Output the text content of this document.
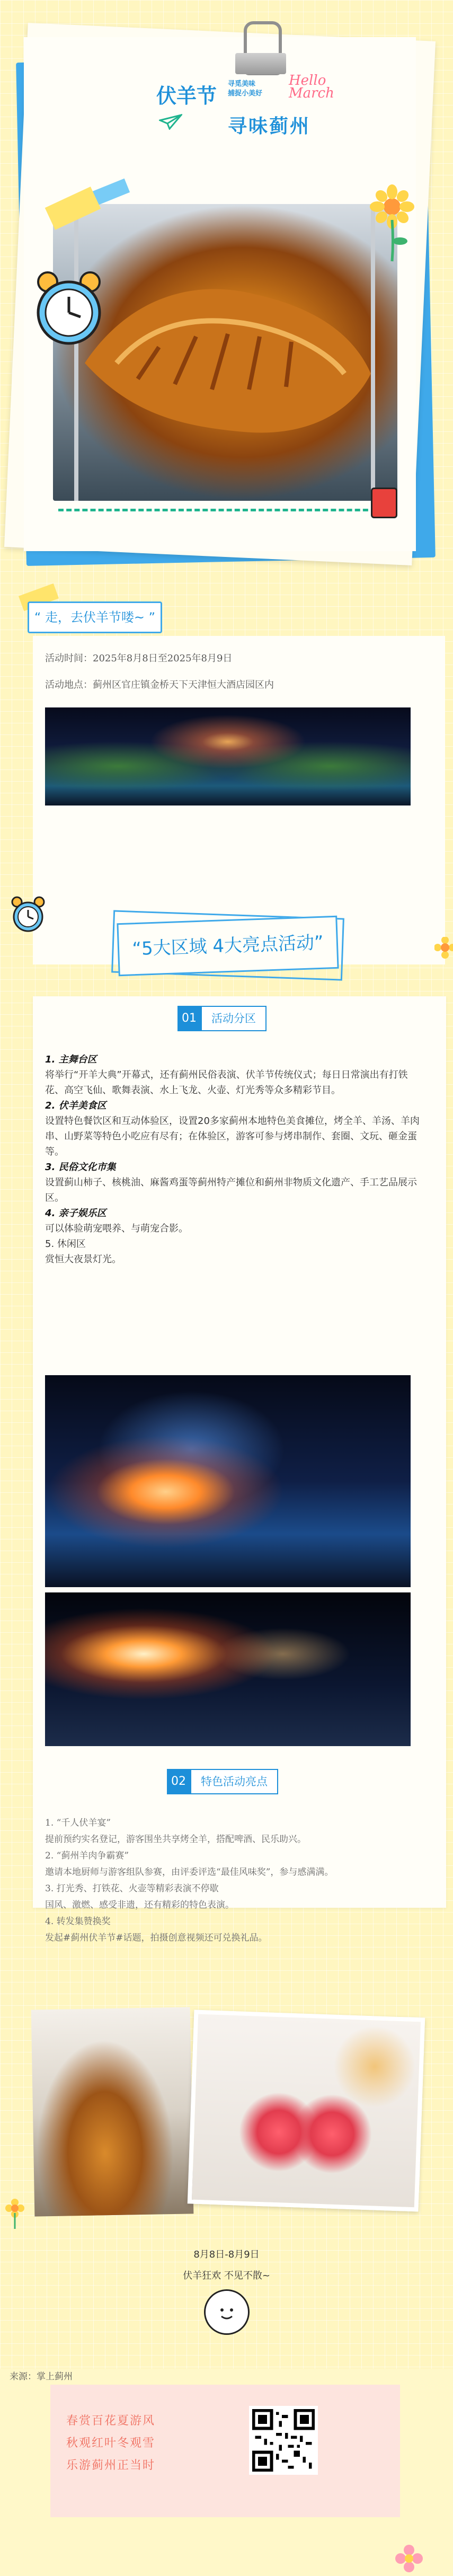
伏羊节
寻觅美味
捕捉小美好
Hello
March
寻味蓟州
“ 走，去伏羊节喽~ ”
活动时间：2025年8月8日至2025年8月9日
活动地点：蓟州区官庄镇金桥天下天津恒大酒店园区内
“5大区域 4大亮点活动”
01	活动分区

1. 主舞台区

将举行“开羊大典”开幕式，还有蓟州民俗表演、伏羊节传统仪式；每日日常演出有打铁花、高空飞仙、歌舞表演、水上飞龙、火壶、灯光秀等众多精彩节目。

2. 伏羊美食区

设置特色餐饮区和互动体验区，设置20多家蓟州本地特色美食摊位，烤全羊、羊汤、羊肉串、山野菜等特色小吃应有尽有；在体验区，游客可参与烤串制作、套圈、文玩、砸金蛋等。

3. 民俗文化市集

设置蓟山柿子、核桃油、麻酱鸡蛋等蓟州特产摊位和蓟州非物质文化遗产、手工艺品展示区。

4. 亲子娱乐区

可以体验萌宠喂养、与萌宠合影。

5. 休闲区

赏恒大夜景灯光。

02	特色活动亮点

1. “千人伏羊宴”

提前预约实名登记，游客围坐共享烤全羊，搭配啤酒、民乐助兴。

2. “蓟州羊肉争霸赛”

邀请本地厨师与游客组队参赛，由评委评选“最佳风味奖”，参与感满满。

3. 打光秀、打铁花、火壶等精彩表演不停歇

国风、激燃、感受非遗，还有精彩的特色表演。

4. 转发集赞换奖

发起#蓟州伏羊节#话题，拍摄创意视频还可兑换礼品。

8月8日-8月9日
伏羊狂欢 不见不散~
来源：掌上蓟州
春赏百花夏游风
秋观红叶冬观雪
乐游蓟州正当时
